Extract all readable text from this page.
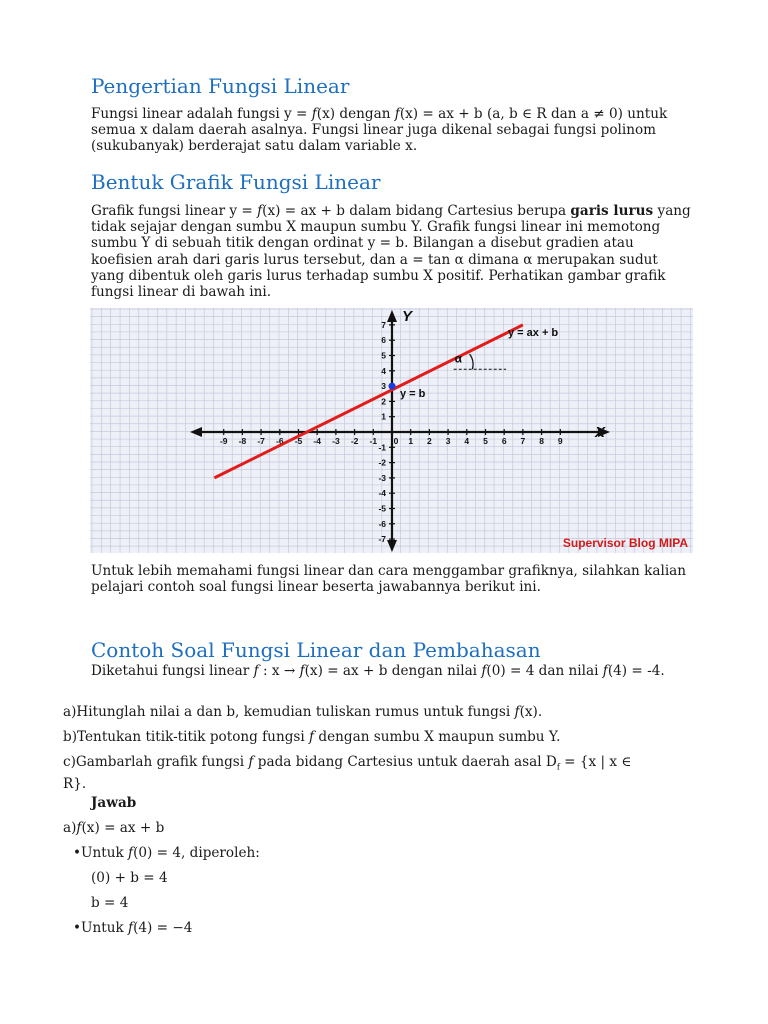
Pengertian Fungsi Linear

Fungsi linear adalah fungsi y = f(x) dengan f(x) = ax + b (a, b ∈ R dan a ≠ 0) untuk semua x dalam daerah asalnya. Fungsi linear juga dikenal sebagai fungsi polinom (sukubanyak) berderajat satu dalam variable x.

Bentuk Grafik Fungsi Linear

Grafik fungsi linear y = f(x) = ax + b dalam bidang Cartesius berupa garis lurus yang tidak sejajar dengan sumbu X maupun sumbu Y. Grafik fungsi linear ini memotong sumbu Y di sebuah titik dengan ordinat y = b. Bilangan a disebut gradien atau koefisien arah dari garis lurus tersebut, dan a = tan α dimana α merupakan sudut yang dibentuk oleh garis lurus terhadap sumbu X positif. Perhatikan gambar grafik fungsi linear di bawah ini.

-9 -8 -7 -6 -5 -4 -3 -2 -1 0 1 2 3 4 5 6 7 8 9
7
6
5
4
3
2
1
-1
-2
-3
-4
-5
-6
-7
X
Y
α
y = b
y = ax + b
Supervisor Blog MIPA

Untuk lebih memahami fungsi linear dan cara menggambar grafiknya, silahkan kalian pelajari contoh soal fungsi linear beserta jawabannya berikut ini.

Contoh Soal Fungsi Linear dan Pembahasan

Diketahui fungsi linear f : x → f(x) = ax + b dengan nilai f(0) = 4 dan nilai f(4) = -4.

a)Hitunglah nilai a dan b, kemudian tuliskan rumus untuk fungsi f(x).

b)Tentukan titik-titik potong fungsi f dengan sumbu X maupun sumbu Y.

c)Gambarlah grafik fungsi f pada bidang Cartesius untuk daerah asal $D_f = \{x$ | x ∈ R}.

Jawab

a)f(x) = ax + b

•Untuk f(0) = 4, diperoleh:

(0) + b = 4

b = 4

•Untuk f(4) = −4
